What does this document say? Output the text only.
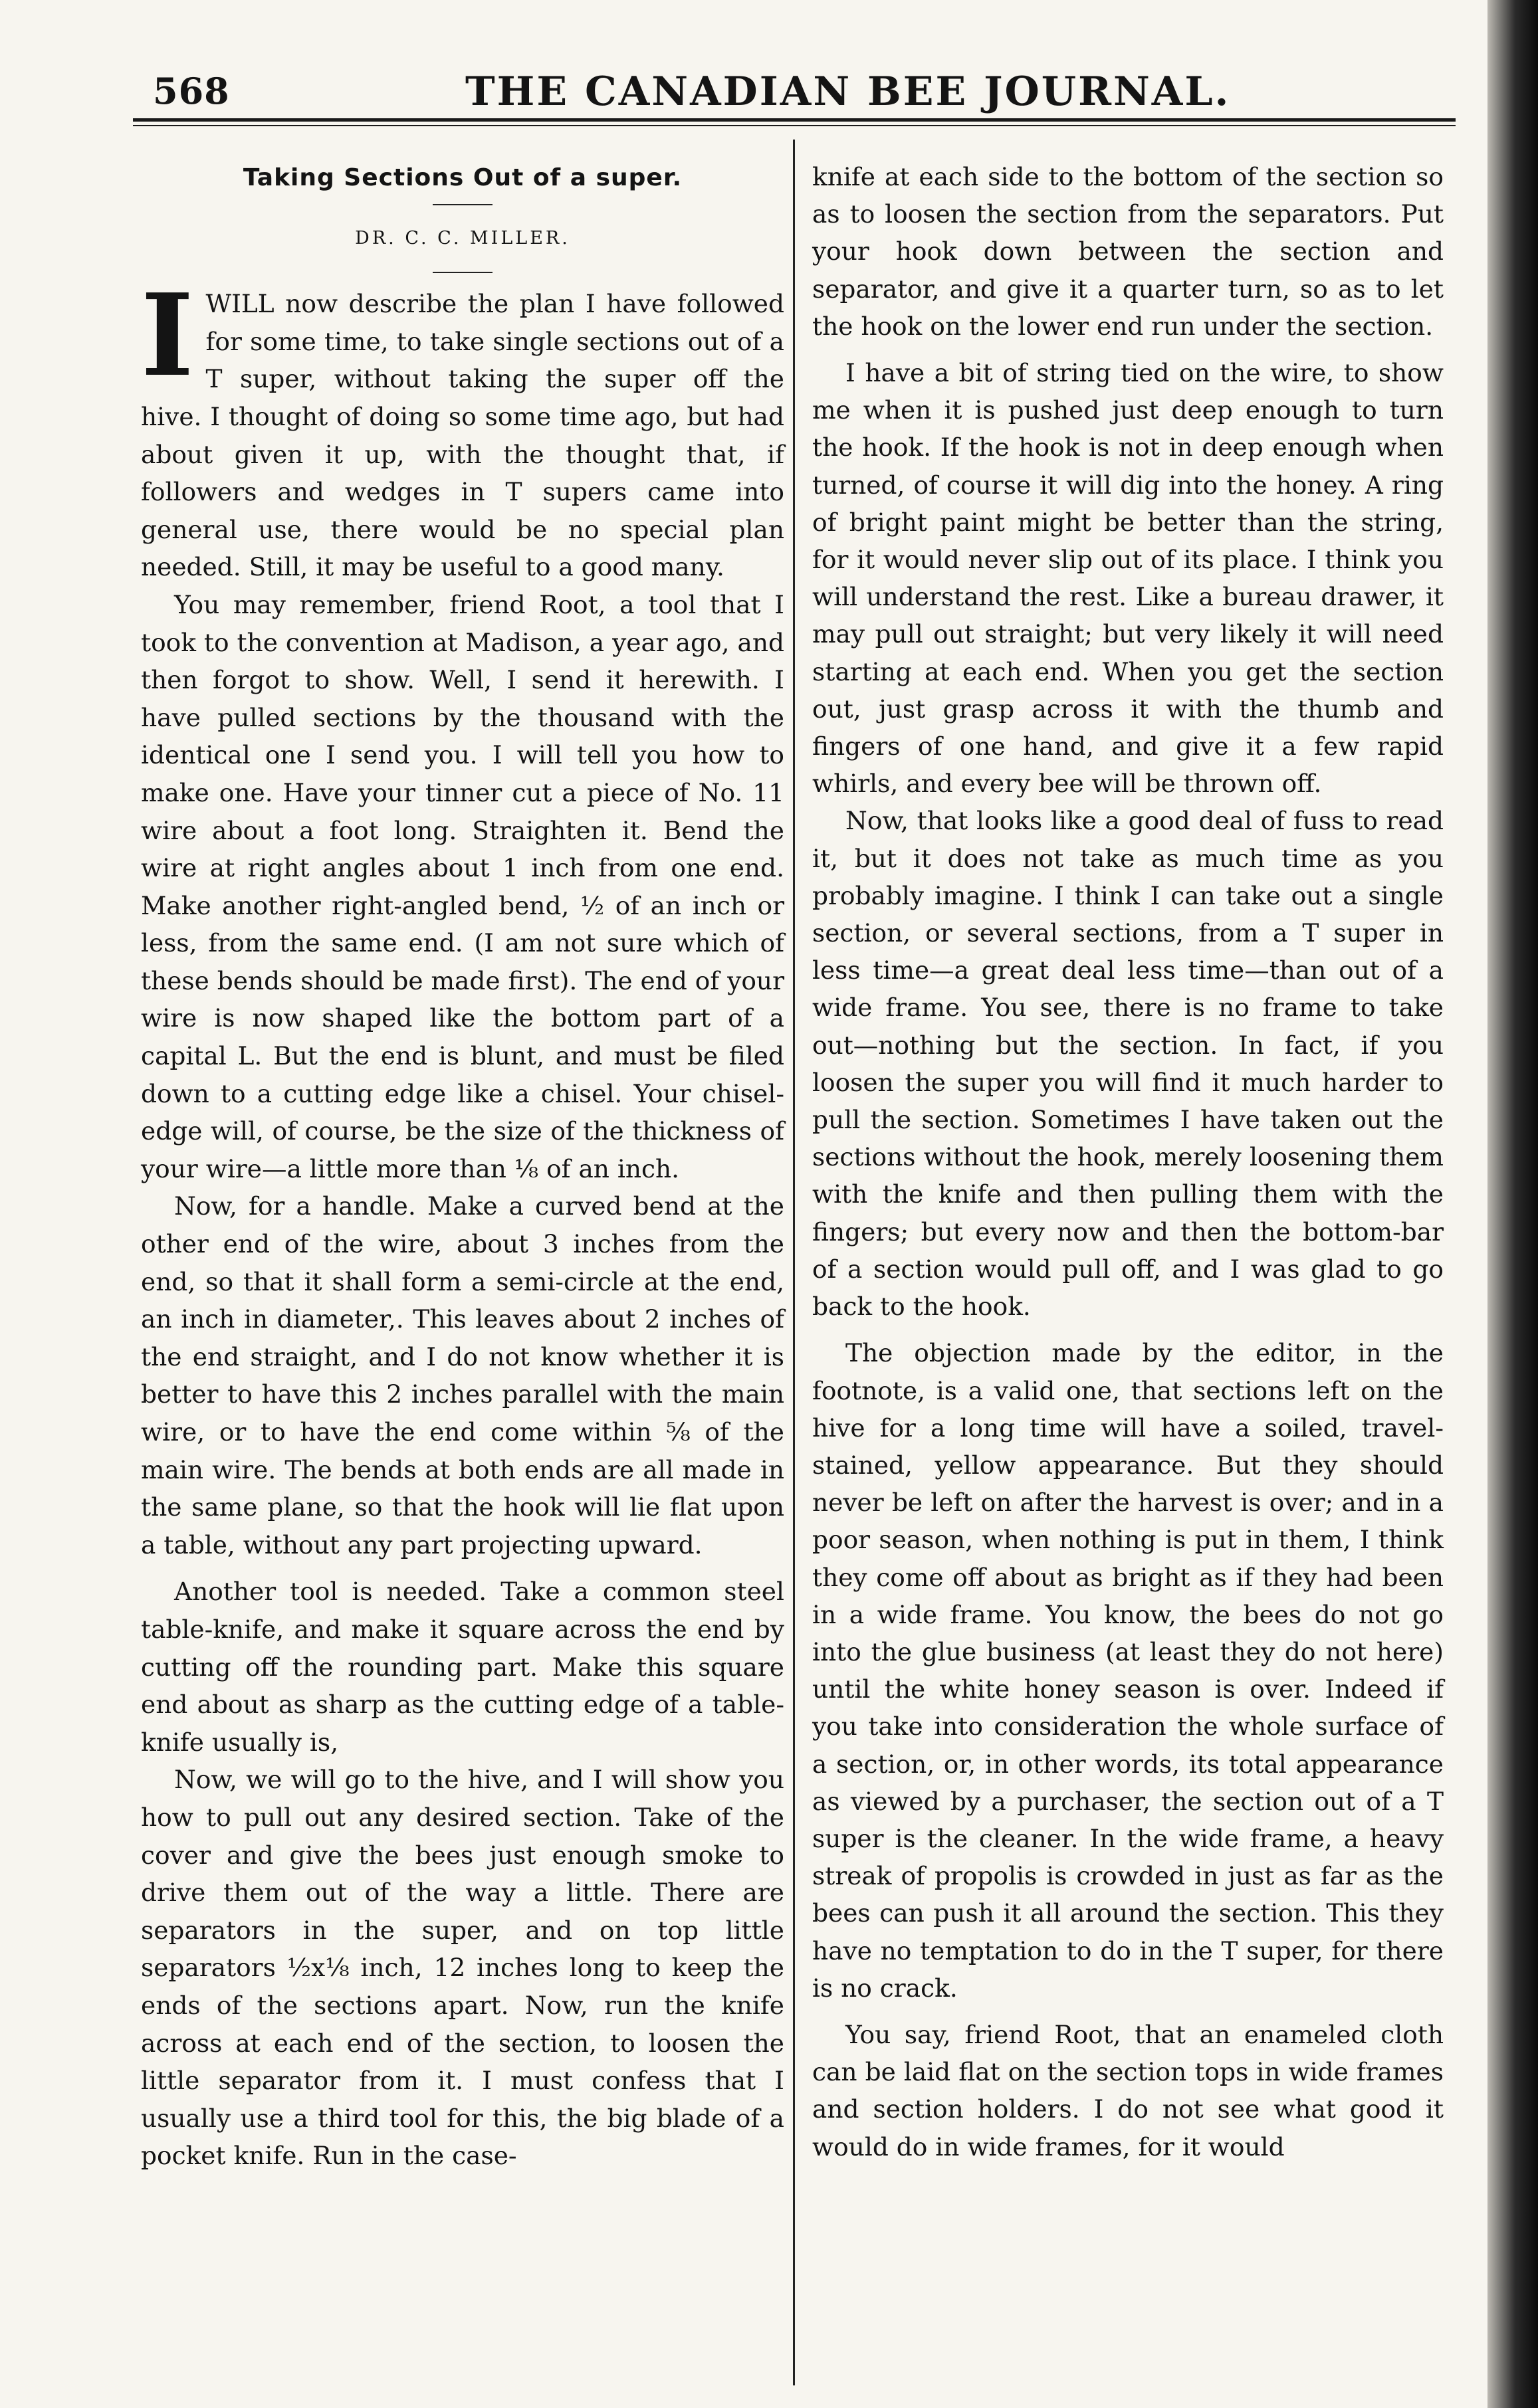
568	THE CANADIAN BEE JOURNAL.
Taking Sections Out of a super.
DR. C. C. MILLER.

IWILL now describe the plan I have followed for some time, to take single sections out of a T super, without taking the super off the hive. I thought of doing so some time ago, but had about given it up, with the thought that, if followers and wedges in T supers came into general use, there would be no special plan needed. Still, it may be useful to a good many.

You may remember, friend Root, a tool that I took to the convention at Madison, a year ago, and then forgot to show. Well, I send it herewith. I have pulled sections by the thousand with the identical one I send you. I will tell you how to make one. Have your tinner cut a piece of No. 11 wire about a foot long. Straighten it. Bend the wire at right angles about 1 inch from one end. Make another right-angled bend, ½ of an inch or less, from the same end. (I am not sure which of these bends should be made first). The end of your wire is now shaped like the bottom part of a capital L. But the end is blunt, and must be filed down to a cutting edge like a chisel. Your chisel-edge will, of course, be the size of the thickness of your wire—a little more than ⅛ of an inch.

Now, for a handle. Make a curved bend at the other end of the wire, about 3 inches from the end, so that it shall form a semi-circle at the end, an inch in diameter,. This leaves about 2 inches of the end straight, and I do not know whether it is better to have this 2 inches parallel with the main wire, or to have the end come within ⅝ of the main wire. The bends at both ends are all made in the same plane, so that the hook will lie flat upon a table, without any part projecting upward.

Another tool is needed. Take a common steel table-knife, and make it square across the end by cutting off the rounding part. Make this square end about as sharp as the cutting edge of a table-knife usually is,

Now, we will go to the hive, and I will show you how to pull out any desired section. Take of the cover and give the bees just enough smoke to drive them out of the way a little. There are separators in the super, and on top little separators ½x⅛ inch, 12 inches long to keep the ends of the sections apart. Now, run the knife across at each end of the section, to loosen the little separator from it. I must confess that I usually use a third tool for this, the big blade of a pocket knife. Run in the case-

knife at each side to the bottom of the section so as to loosen the section from the separators. Put your hook down between the section and separator, and give it a quarter turn, so as to let the hook on the lower end run under the section.

I have a bit of string tied on the wire, to show me when it is pushed just deep enough to turn the hook. If the hook is not in deep enough when turned, of course it will dig into the honey. A ring of bright paint might be better than the string, for it would never slip out of its place. I think you will understand the rest. Like a bureau drawer, it may pull out straight; but very likely it will need starting at each end. When you get the section out, just grasp across it with the thumb and fingers of one hand, and give it a few rapid whirls, and every bee will be thrown off.

Now, that looks like a good deal of fuss to read it, but it does not take as much time as you probably imagine. I think I can take out a single section, or several sections, from a T super in less time—a great deal less time—than out of a wide frame. You see, there is no frame to take out—nothing but the section. In fact, if you loosen the super you will find it much harder to pull the section. Sometimes I have taken out the sections without the hook, merely loosening them with the knife and then pulling them with the fingers; but every now and then the bottom-bar of a section would pull off, and I was glad to go back to the hook.

The objection made by the editor, in the footnote, is a valid one, that sections left on the hive for a long time will have a soiled, travel-stained, yellow appearance. But they should never be left on after the harvest is over; and in a poor season, when nothing is put in them, I think they come off about as bright as if they had been in a wide frame. You know, the bees do not go into the glue business (at least they do not here) until the white honey season is over. Indeed if you take into consideration the whole surface of a section, or, in other words, its total appearance as viewed by a purchaser, the section out of a T super is the cleaner. In the wide frame, a heavy streak of propolis is crowded in just as far as the bees can push it all around the section. This they have no temptation to do in the T super, for there is no crack.

You say, friend Root, that an enameled cloth can be laid flat on the section tops in wide frames and section holders. I do not see what good it would do in wide frames, for it would
